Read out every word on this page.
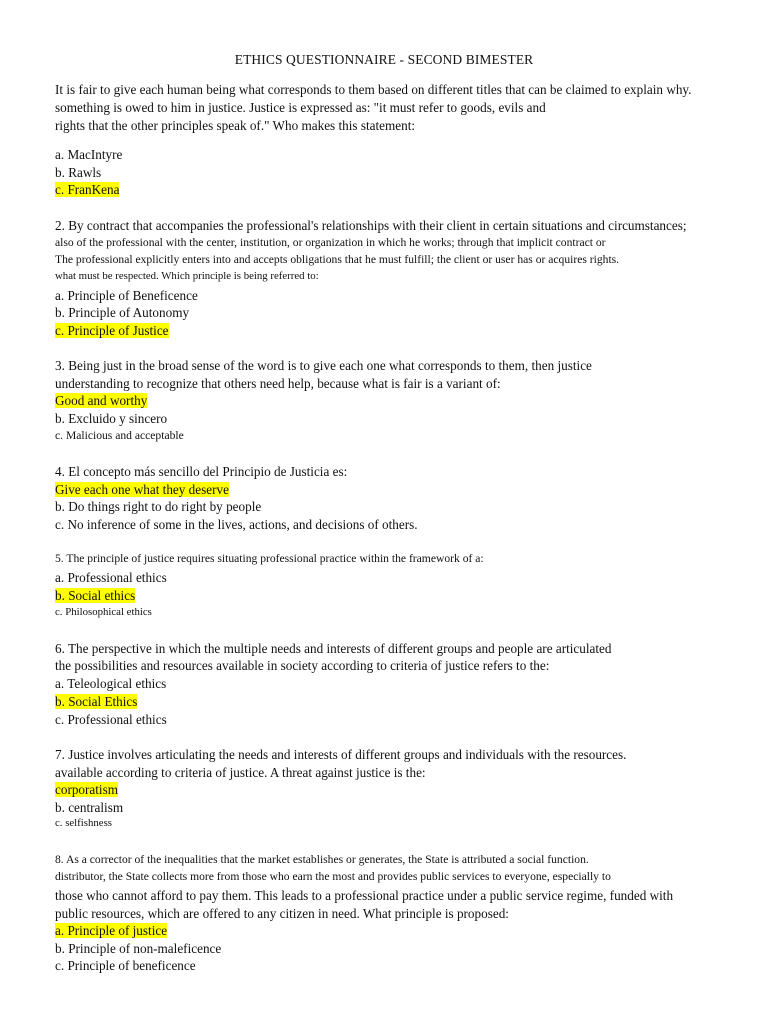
ETHICS QUESTIONNAIRE - SECOND BIMESTER
It is fair to give each human being what corresponds to them based on different titles that can be claimed to explain why.
something is owed to him in justice. Justice is expressed as: "it must refer to goods, evils and
rights that the other principles speak of." Who makes this statement:
a. MacIntyre
b. Rawls
c. FranKena
2. By contract that accompanies the professional's relationships with their client in certain situations and circumstances;
also of the professional with the center, institution, or organization in which he works; through that implicit contract or
The professional explicitly enters into and accepts obligations that he must fulfill; the client or user has or acquires rights.
what must be respected. Which principle is being referred to:
a. Principle of Beneficence
b. Principle of Autonomy
c. Principle of Justice
3. Being just in the broad sense of the word is to give each one what corresponds to them, then justice
understanding to recognize that others need help, because what is fair is a variant of:
Good and worthy
b. Excluido y sincero
c. Malicious and acceptable
4. El concepto más sencillo del Principio de Justicia es:
Give each one what they deserve
b. Do things right to do right by people
c. No inference of some in the lives, actions, and decisions of others.
5. The principle of justice requires situating professional practice within the framework of a:
a. Professional ethics
b. Social ethics
c. Philosophical ethics
6. The perspective in which the multiple needs and interests of different groups and people are articulated
the possibilities and resources available in society according to criteria of justice refers to the:
a. Teleological ethics
b. Social Ethics
c. Professional ethics
7. Justice involves articulating the needs and interests of different groups and individuals with the resources.
available according to criteria of justice. A threat against justice is the:
corporatism
b. centralism
c. selfishness
8. As a corrector of the inequalities that the market establishes or generates, the State is attributed a social function.
distributor, the State collects more from those who earn the most and provides public services to everyone, especially to
those who cannot afford to pay them. This leads to a professional practice under a public service regime, funded with
public resources, which are offered to any citizen in need. What principle is proposed:
a. Principle of justice
b. Principle of non-maleficence
c. Principle of beneficence
